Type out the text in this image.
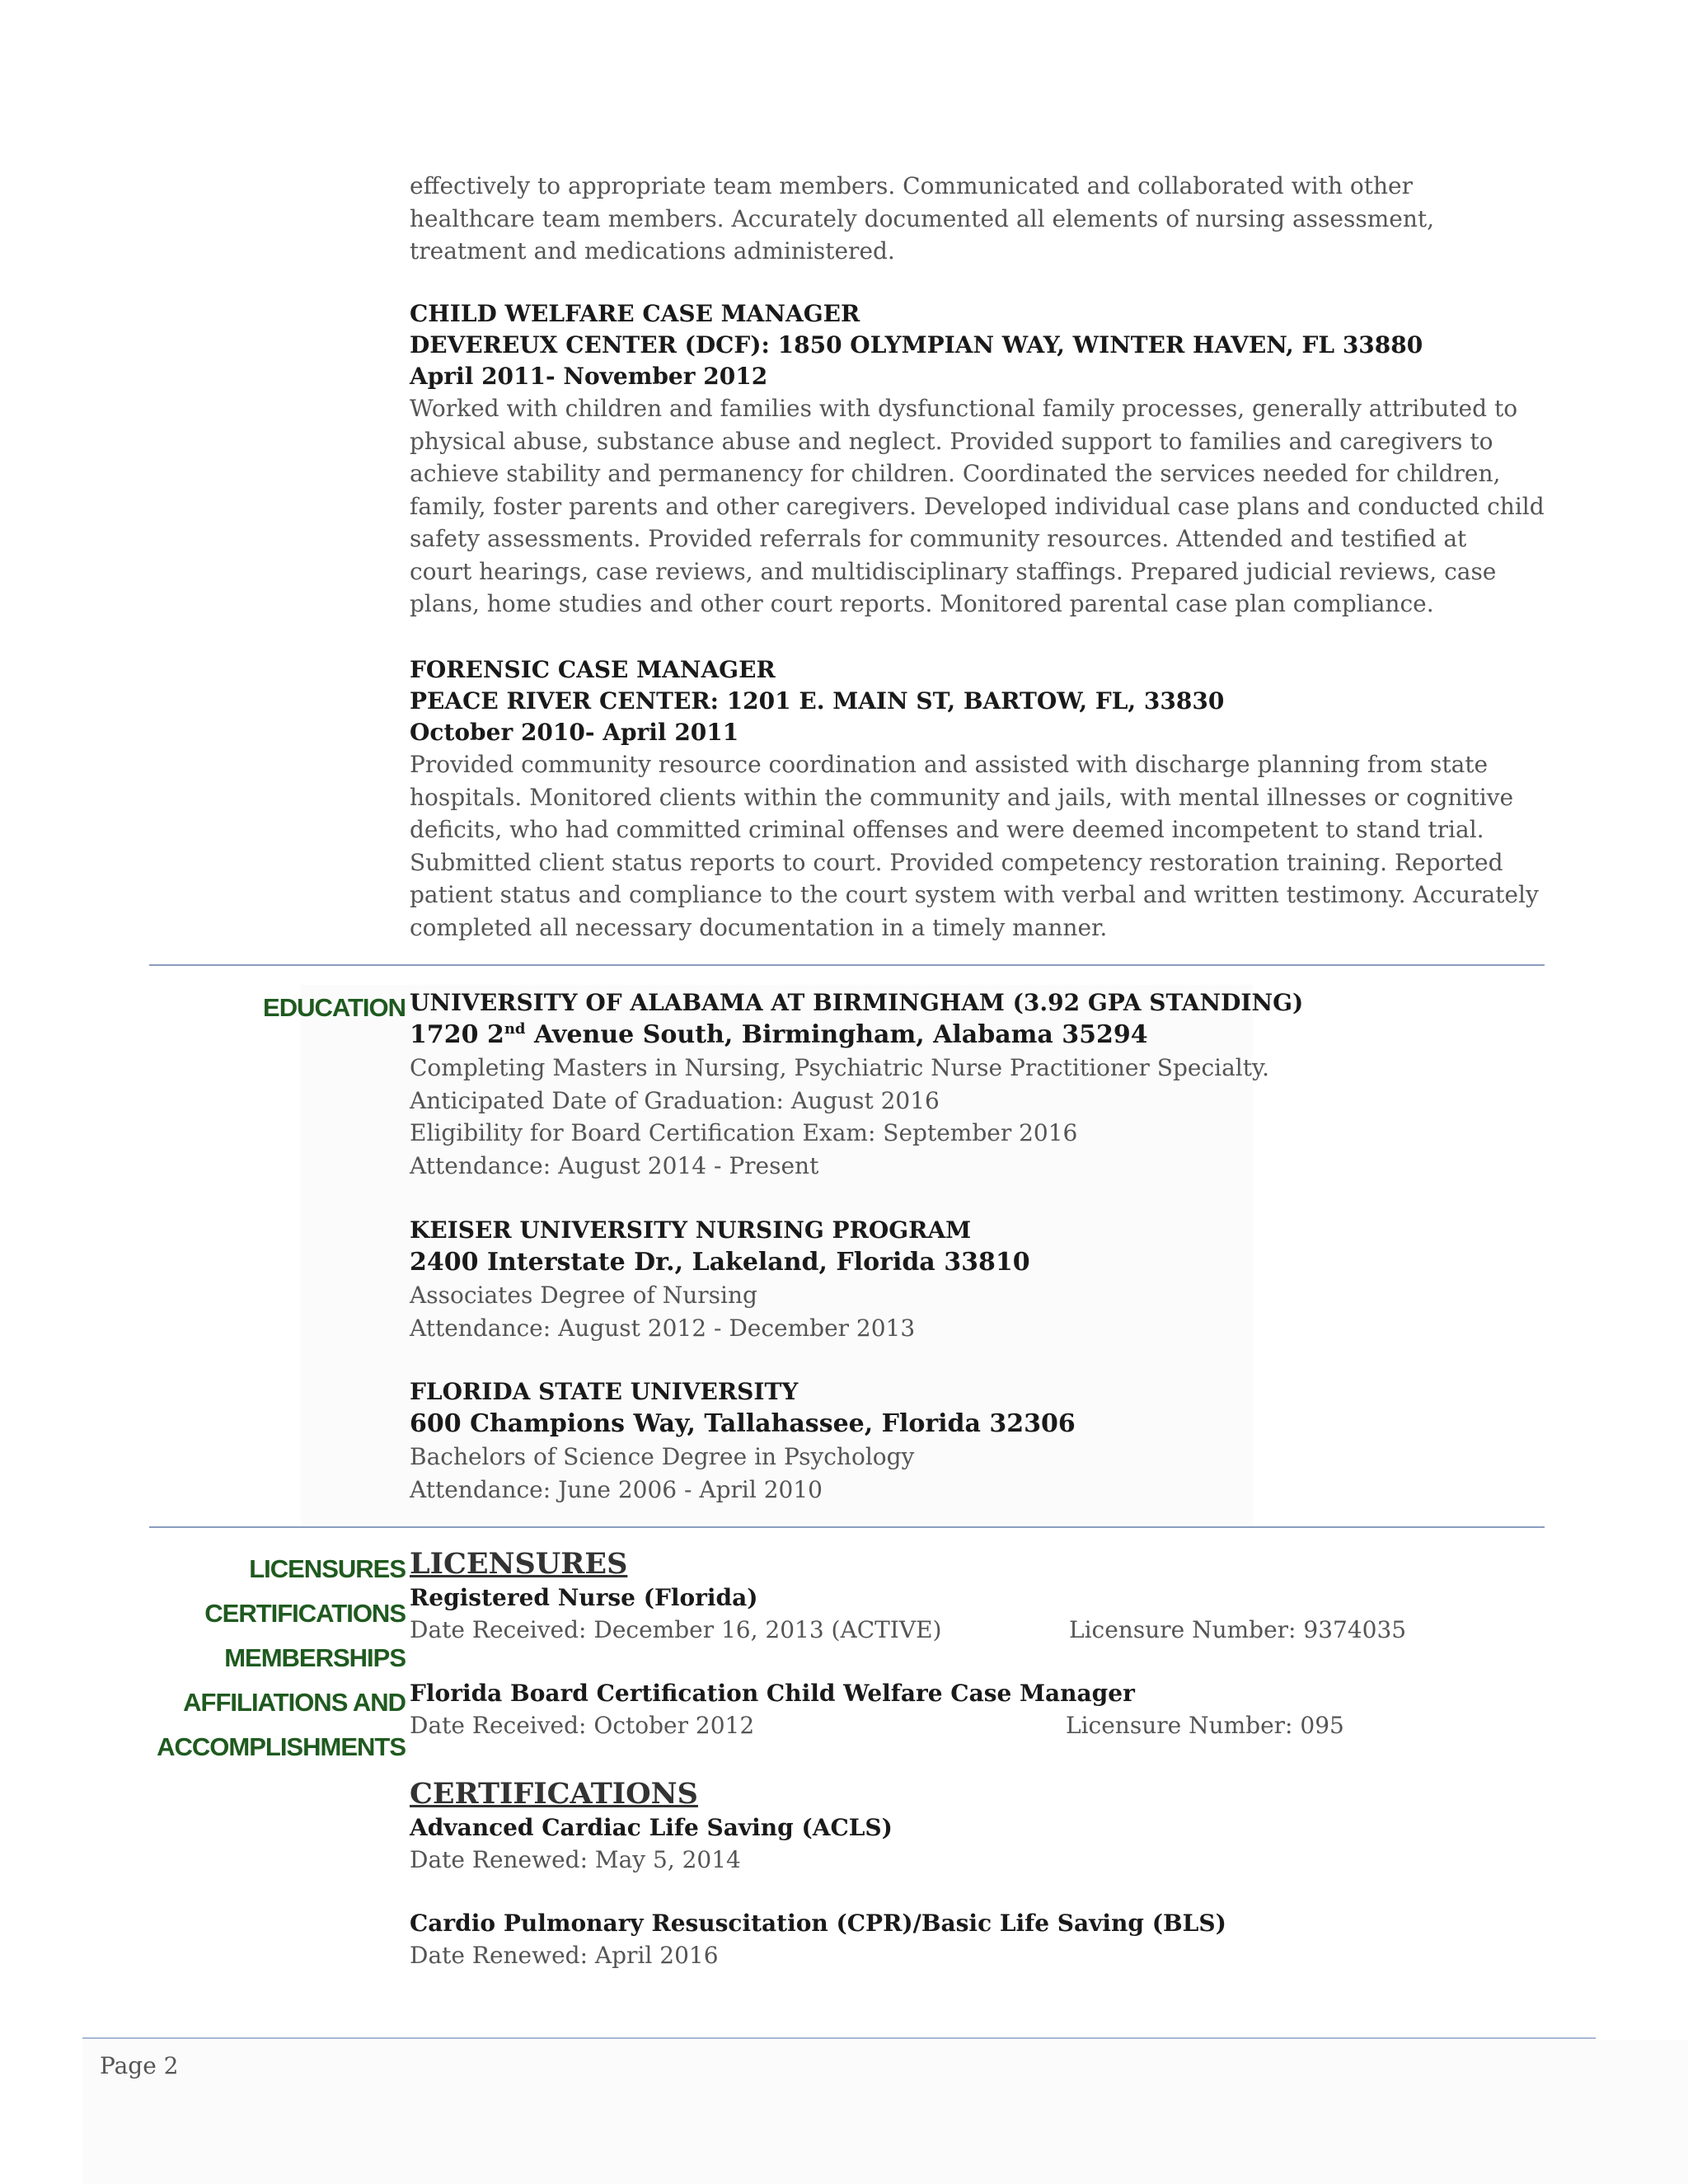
effectively to appropriate team members. Communicated and collaborated with other

healthcare team members. Accurately documented all elements of nursing assessment,

treatment and medications administered.

CHILD WELFARE CASE MANAGER

DEVEREUX CENTER (DCF): 1850 OLYMPIAN WAY, WINTER HAVEN, FL 33880

April 2011- November 2012

Worked with children and families with dysfunctional family processes, generally attributed to

physical abuse, substance abuse and neglect. Provided support to families and caregivers to

achieve stability and permanency for children. Coordinated the services needed for children,

family, foster parents and other caregivers. Developed individual case plans and conducted child

safety assessments. Provided referrals for community resources. Attended and testified at

court hearings, case reviews, and multidisciplinary staffings. Prepared judicial reviews, case

plans, home studies and other court reports. Monitored parental case plan compliance.

FORENSIC CASE MANAGER

PEACE RIVER CENTER: 1201 E. MAIN ST, BARTOW, FL, 33830

October 2010- April 2011

Provided community resource coordination and assisted with discharge planning from state

hospitals. Monitored clients within the community and jails, with mental illnesses or cognitive

deficits, who had committed criminal offenses and were deemed incompetent to stand trial.

Submitted client status reports to court. Provided competency restoration training. Reported

patient status and compliance to the court system with verbal and written testimony. Accurately

completed all necessary documentation in a timely manner.

EDUCATION UNIVERSITY OF ALABAMA AT BIRMINGHAM (3.92 GPA STANDING)

1720 2nd Avenue South, Birmingham, Alabama 35294

Completing Masters in Nursing, Psychiatric Nurse Practitioner Specialty.

Anticipated Date of Graduation: August 2016

Eligibility for Board Certification Exam: September 2016

Attendance: August 2014 - Present

KEISER UNIVERSITY NURSING PROGRAM

2400 Interstate Dr., Lakeland, Florida 33810

Associates Degree of Nursing

Attendance: August 2012 - December 2013

FLORIDA STATE UNIVERSITY

600 Champions Way, Tallahassee, Florida 32306

Bachelors of Science Degree in Psychology

Attendance: June 2006 - April 2010

LICENSURES
CERTIFICATIONS
MEMBERSHIPS
AFFILIATIONS AND
ACCOMPLISHMENTS

LICENSURES

Registered Nurse (Florida)

Date Received: December 16, 2013 (ACTIVE)	Licensure Number: 9374035

Florida Board Certification Child Welfare Case Manager

Date Received: October 2012	Licensure Number: 095

CERTIFICATIONS

Advanced Cardiac Life Saving (ACLS)

Date Renewed: May 5, 2014

Cardio Pulmonary Resuscitation (CPR)/Basic Life Saving (BLS)

Date Renewed: April 2016

Page 2
